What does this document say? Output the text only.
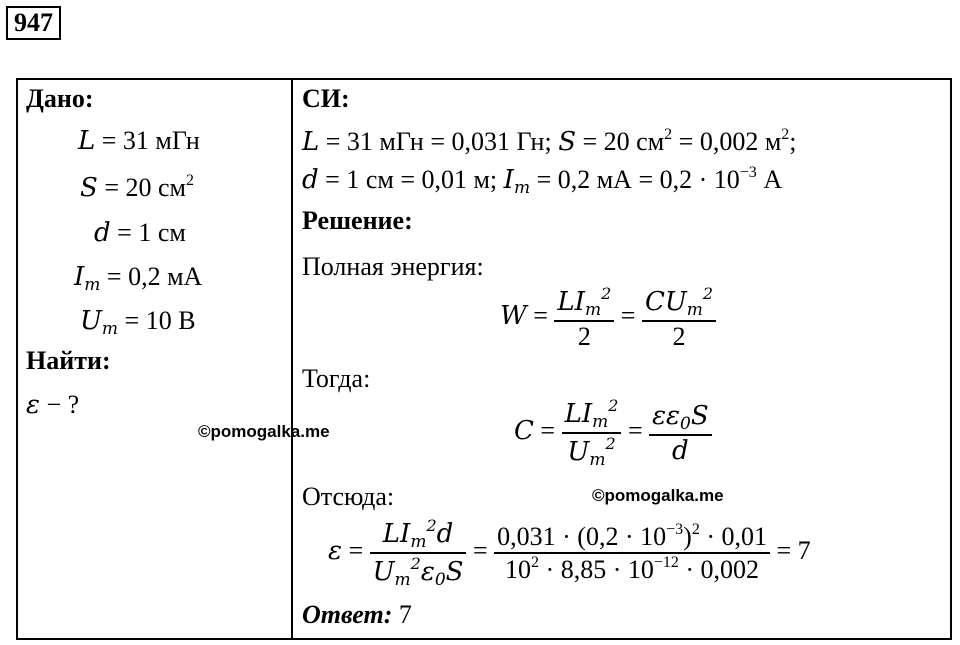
947
Дано:
L = 31 мГн
S = 20 $см^2$
d = 1 см
$I_m = 0,2$ мА
$U_m = 10$ В
Найти:
ε − ?
СИ:
L = 31 мГн = 0,031 Гн; S = 20 $см^2 = 0,002$ $м^2$;
d = 1 см = 0,01 м; $I_m = 0,2$ мА = $0,2 \cdot 10^{-3}$ А
Решение:
Полная энергия:
$W = \frac{LI_m^2}{2} = \frac{CU_m^2}{2}$
Тогда:
$C = \frac{LI_m^2}{U_m^2} = \frac{\varepsilon\varepsilon_0S}{d}$
Отсюда:
$\varepsilon = \frac{LI_m^2d}{U_m^2\varepsilon_0S} = \frac{0,031 \cdot (0,2 \cdot 10^{-3})^2 \cdot 0,01}{10^2 \cdot 8,85 \cdot 10^{-12} \cdot 0,002} = 7$
Ответ: 7
©pomogalka.me
©pomogalka.me
